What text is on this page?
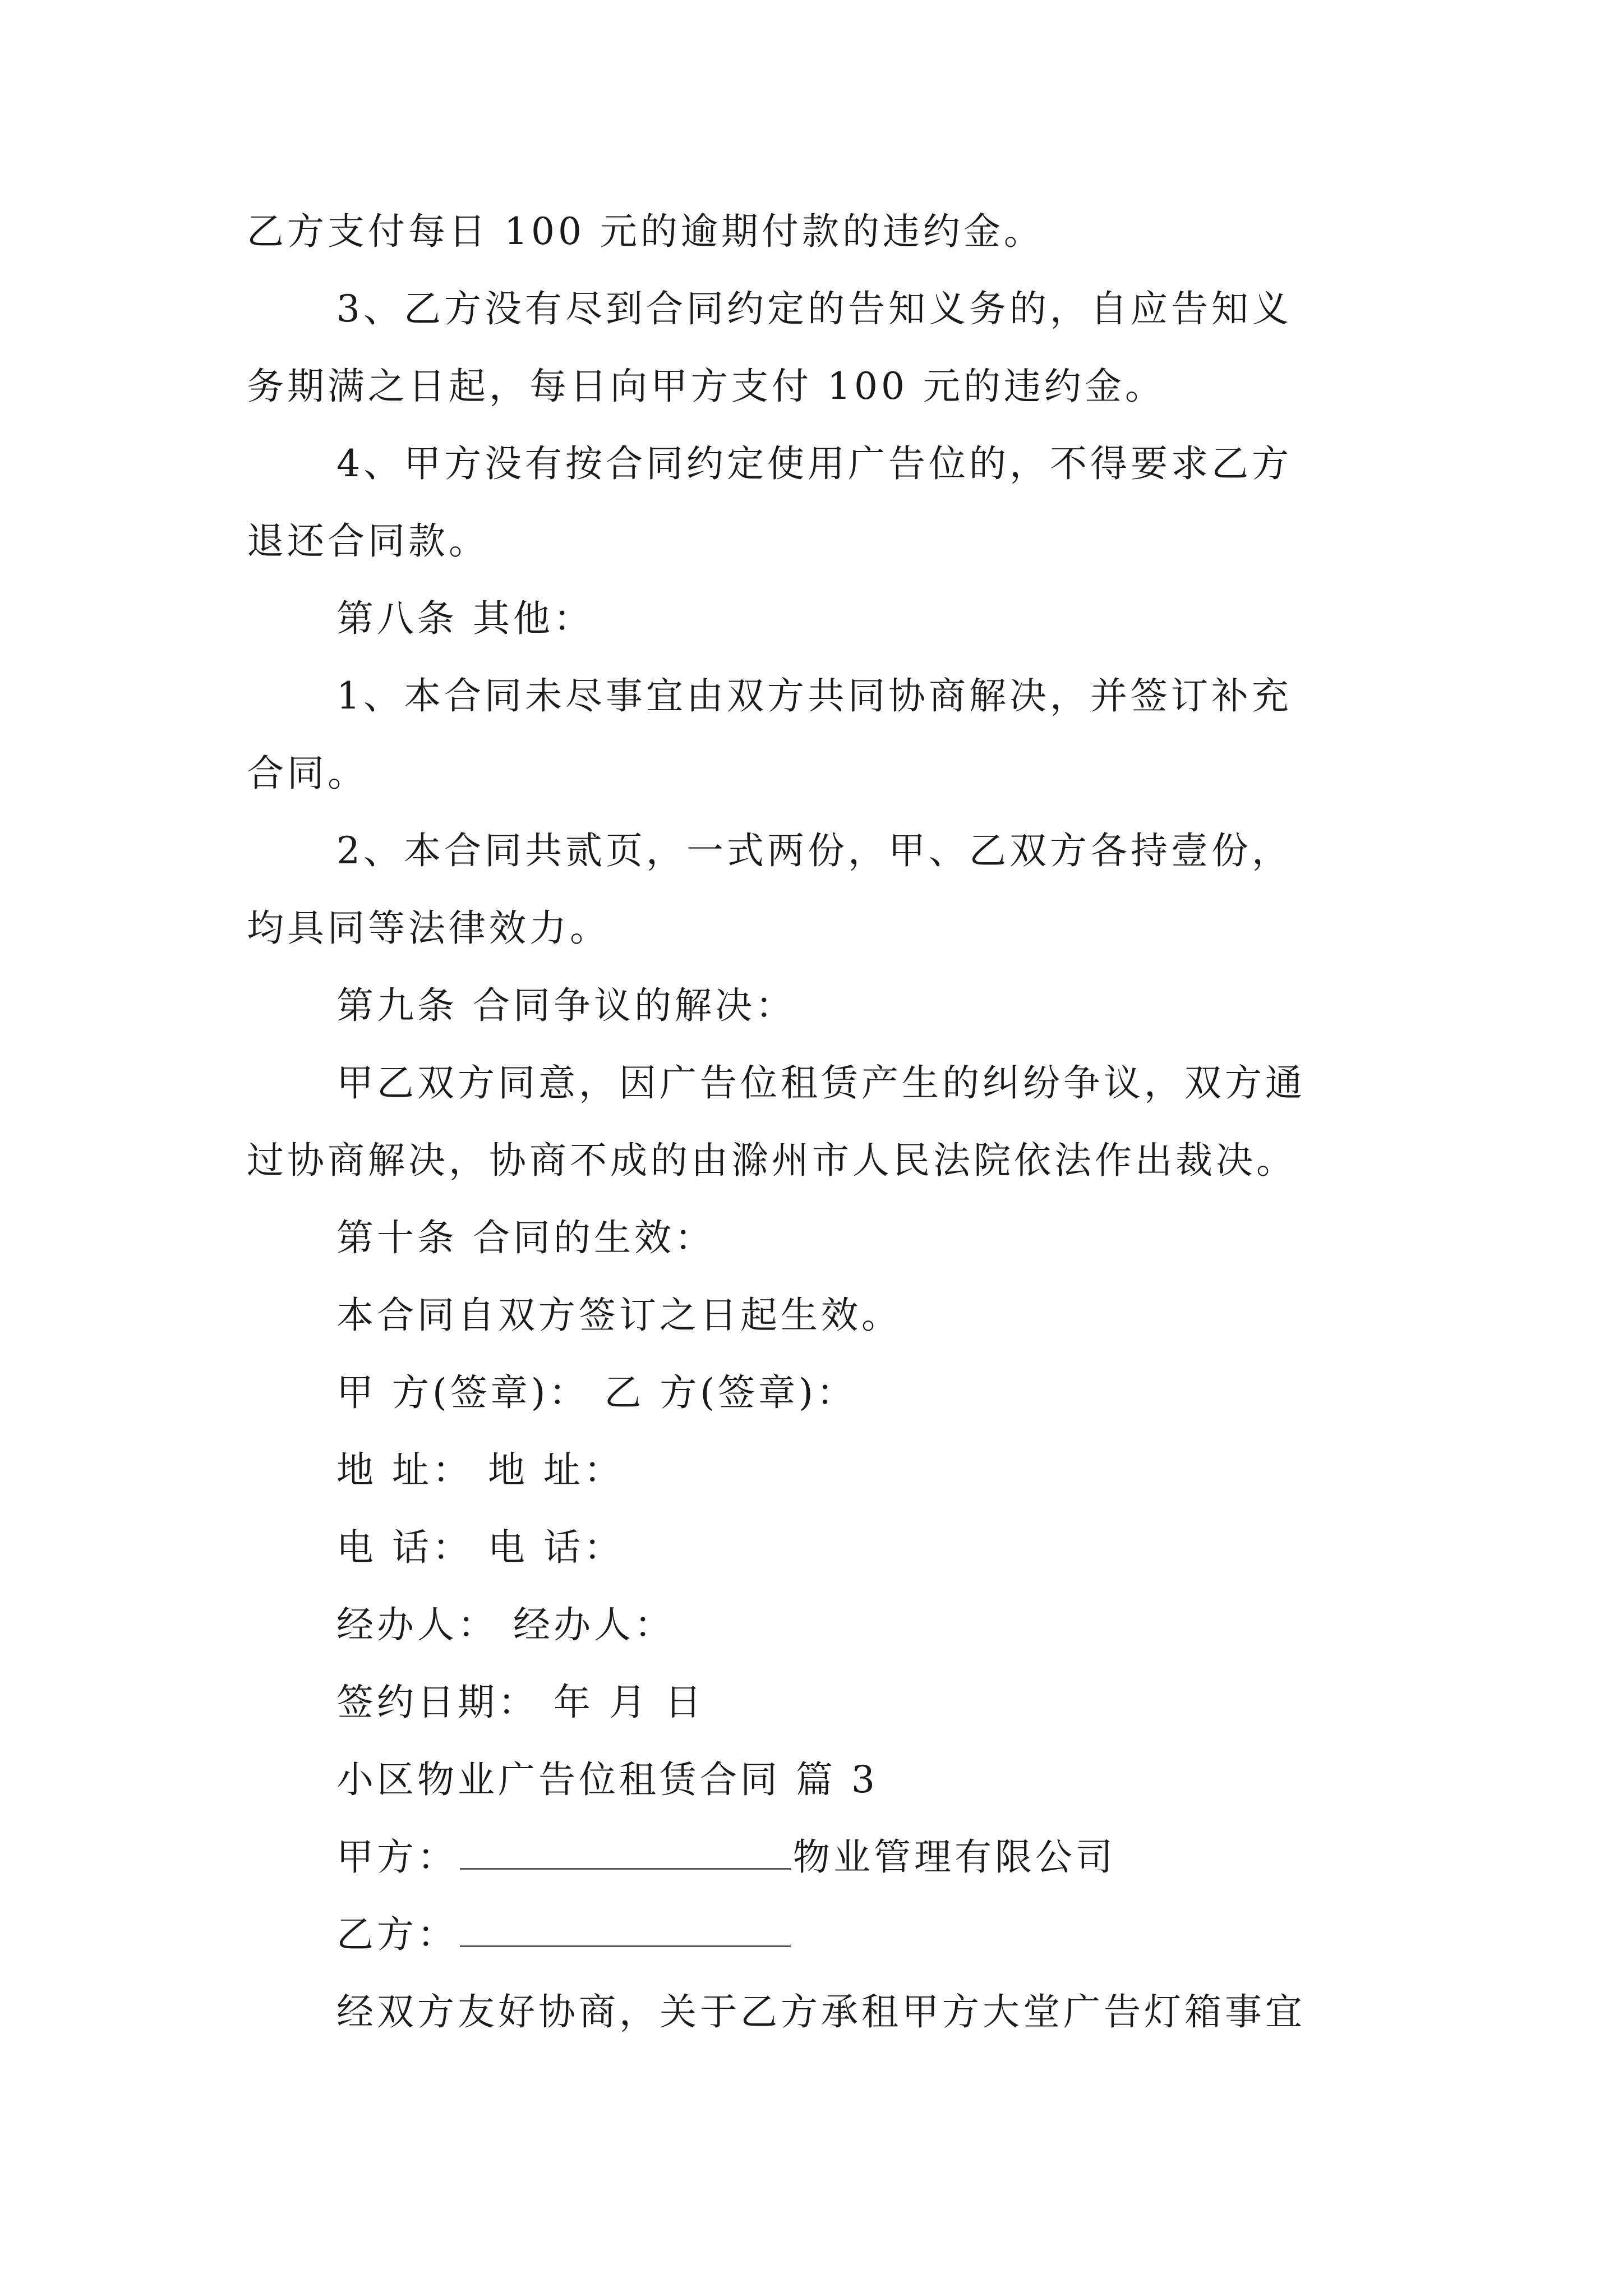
乙方支付每日 100 元的逾期付款的违约金。
3、乙方没有尽到合同约定的告知义务的，自应告知义
务期满之日起，每日向甲方支付 100 元的违约金。
4、甲方没有按合同约定使用广告位的，不得要求乙方
退还合同款。
第八条 其他：
1、本合同未尽事宜由双方共同协商解决，并签订补充
合同。
2、本合同共贰页，一式两份，甲、乙双方各持壹份，
均具同等法律效力。
第九条 合同争议的解决：
甲乙双方同意，因广告位租赁产生的纠纷争议，双方通
过协商解决，协商不成的由滁州市人民法院依法作出裁决。
第十条 合同的生效：
本合同自双方签订之日起生效。
甲 方(签章)： 乙 方(签章)：
地 址： 地 址：
电 话： 电 话：
经办人： 经办人：
签约日期： 年 月 日
小区物业广告位租赁合同 篇 3
甲方：	物业管理有限公司
乙方：
经双方友好协商，关于乙方承租甲方大堂广告灯箱事宜
